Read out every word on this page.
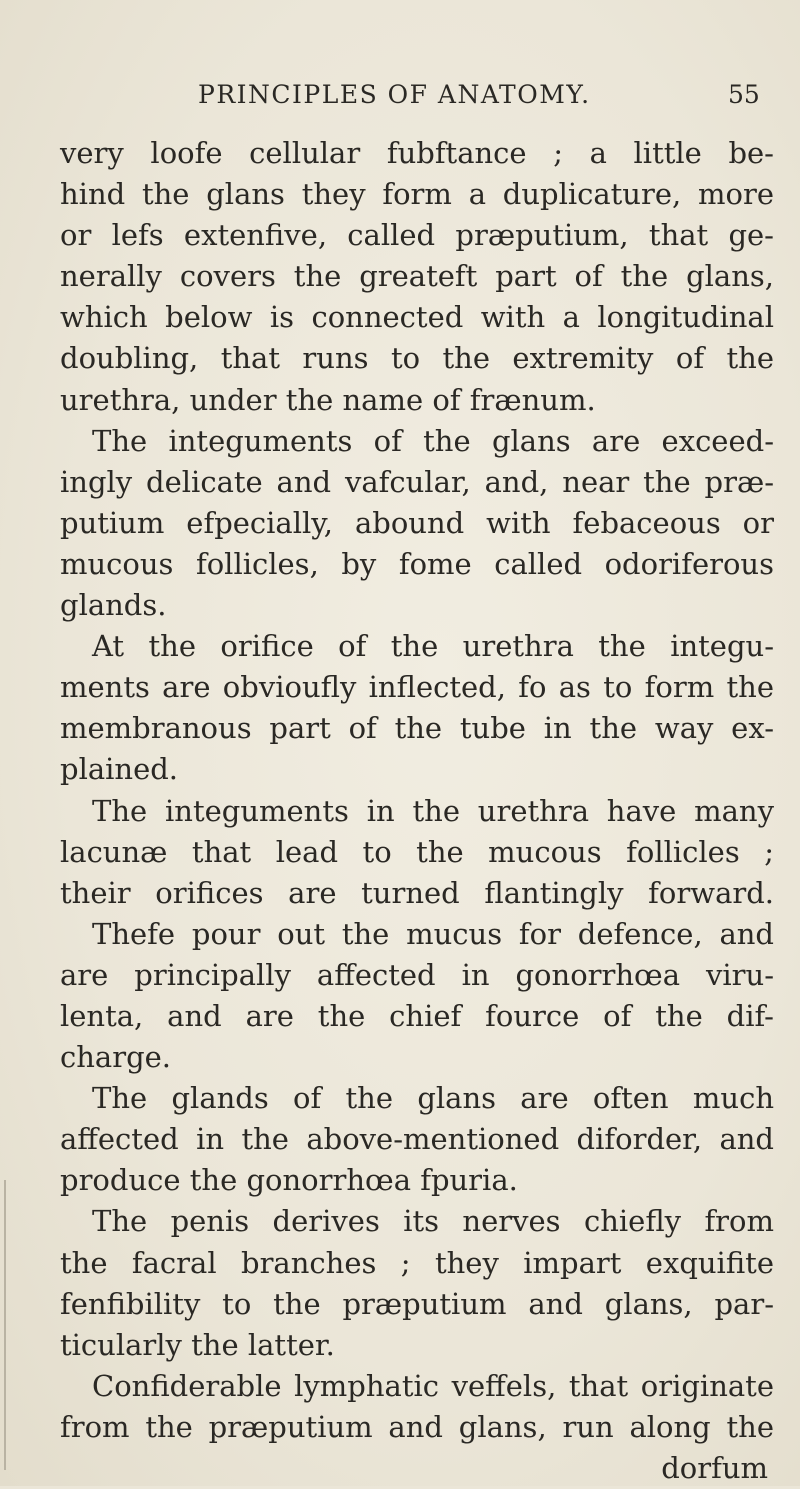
PRINCIPLES OF ANATOMY.	55
very loofe cellular fubftance ; a little be-
hind the glans they form a duplicature, more
or lefs extenfive, called præputium, that ge-
nerally covers the greateft part of the glans,
which below is connected with a longitudinal
doubling, that runs to the extremity of the
urethra, under the name of frænum.
The integuments of the glans are exceed-
ingly delicate and vafcular, and, near the præ-
putium efpecially, abound with febaceous or
mucous follicles, by fome called odoriferous
glands.
At the orifice of the urethra the integu-
ments are obvioufly inflected, fo as to form the
membranous part of the tube in the way ex-
plained.
The integuments in the urethra have many
lacunæ that lead to the mucous follicles ;
their orifices are turned flantingly forward.
Thefe pour out the mucus for defence, and
are principally affected in gonorrhœa viru-
lenta, and are the chief fource of the dif-
charge.
The glands of the glans are often much
affected in the above-mentioned diforder, and
produce the gonorrhœa fpuria.
The penis derives its nerves chiefly from
the facral branches ; they impart exquifite
fenfibility to the præputium and glans, par-
ticularly the latter.
Confiderable lymphatic veffels, that originate
from the præputium and glans, run along the
dorfum
